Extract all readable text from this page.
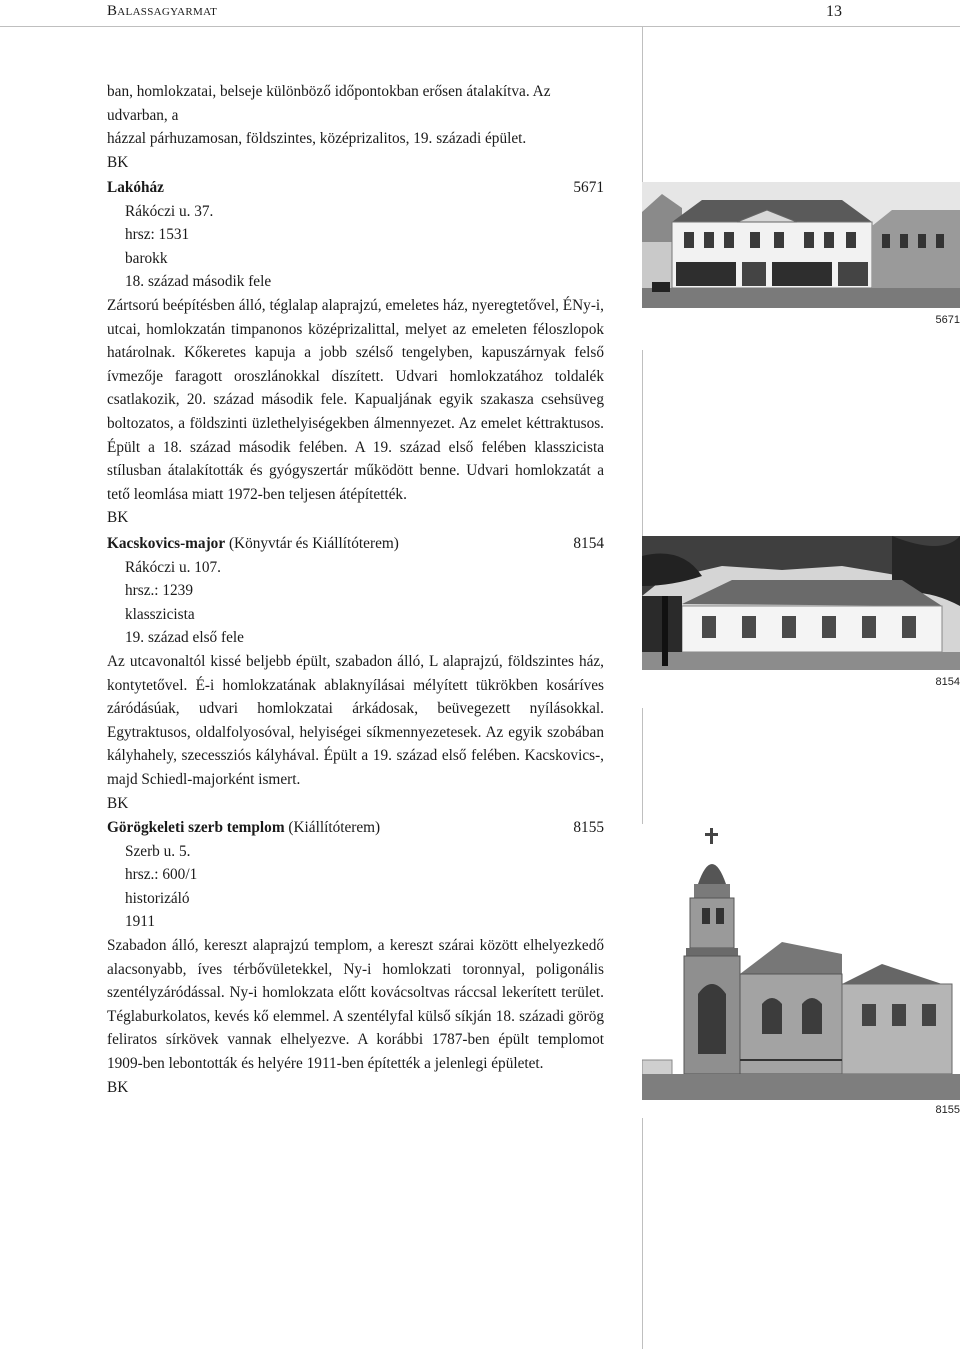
Balassagyarmat	13

ban, homlokzatai, belseje különböző időpontokban erősen átalakítva. Az udvarban, a

házzal párhuzamosan, földszintes, középrizalitos, 19. századi épület.

BK

Lakóház	5671

Rákóczi u. 37.

hrsz: 1531

barokk

18. század második fele

Zártsorú beépítésben álló, téglalap alaprajzú, emeletes ház, nyeregtetővel, ÉNy-i, utcai, homlokzatán timpanonos középrizalittal, melyet az emeleten féloszlopok határolnak. Kőkeretes kapuja a jobb szélső tengelyben, kapuszárnyak felső ívmezője faragott oroszlánokkal díszített. Udvari homlokzatához toldalék csatlakozik, 20. század második fele. Kapualjának egyik szakasza csehsüveg boltozatos, a földszinti üzlethelyiségekben álmennyezet. Az emelet kéttraktusos. Épült a 18. század második felében. A 19. század első felében klasszicista stílusban átalakították és gyógyszertár működött benne. Udvari homlokzatát a tető leomlása miatt 1972-ben teljesen átépítették.

BK

Kacskovics-major (Könyvtár és Kiállítóterem)	8154

Rákóczi u. 107.

hrsz.: 1239

klasszicista

19. század első fele

Az utcavonaltól kissé beljebb épült, szabadon álló, L alaprajzú, földszintes ház, kontytetővel. É-i homlokzatának ablaknyílásai mélyített tükrökben kosáríves záródásúak, udvari homlokzatai árkádosak, beüvegezett nyílásokkal. Egytraktusos, oldalfolyosóval, helyiségei síkmennyezetesek. Az egyik szobában kályhahely, szecessziós kályhával. Épült a 19. század első felében. Kacskovics-, majd Schiedl-majorként ismert.

BK

Görögkeleti szerb templom (Kiállítóterem)	8155

Szerb u. 5.

hrsz.: 600/1

historizáló

1911

Szabadon álló, kereszt alaprajzú templom, a kereszt szárai között elhelyezkedő alacsonyabb, íves térbővületekkel, Ny-i homlokzati toronnyal, poligonális szentélyzáródással. Ny-i homlokzata előtt kovácsoltvas ráccsal lekerített terület. Téglaburkolatos, kevés kő elemmel. A szentélyfal külső síkján 18. századi görög feliratos sírkövek vannak elhelyezve. A korábbi 1787-ben épült templomot 1909-ben lebontották és helyére 1911-ben építették a jelenlegi épületet.

BK

5671
8154
8155
